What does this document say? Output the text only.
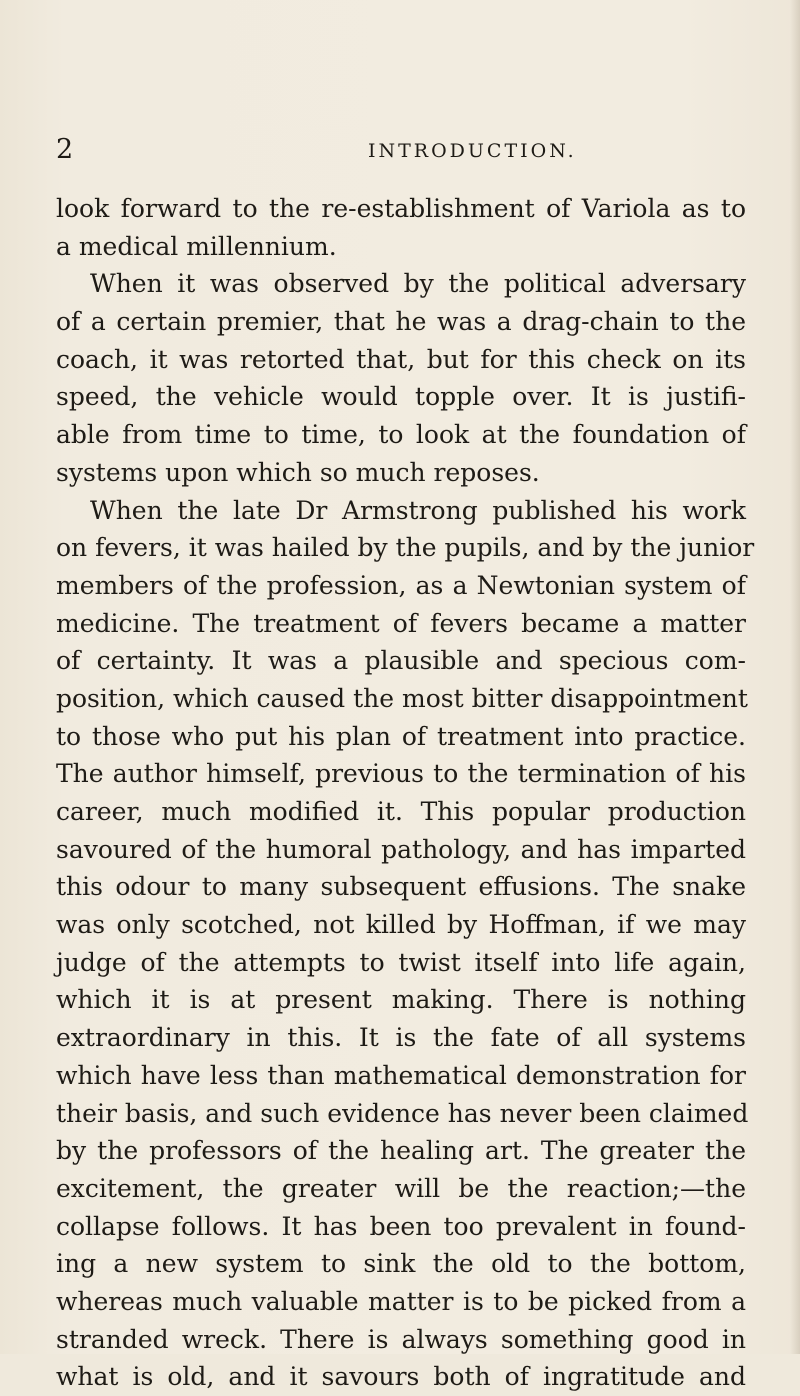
2	INTRODUCTION.
look forward to the re-establishment of Variola as to
a medical millennium.
When it was observed by the political adversary
of a certain premier, that he was a drag-chain to the
coach, it was retorted that, but for this check on its
speed, the vehicle would topple over. It is justifi-
able from time to time, to look at the foundation of
systems upon which so much reposes.
When the late Dr Armstrong published his work
on fevers, it was hailed by the pupils, and by the junior
members of the profession, as a Newtonian system of
medicine. The treatment of fevers became a matter
of certainty. It was a plausible and specious com-
position, which caused the most bitter disappointment
to those who put his plan of treatment into practice.
The author himself, previous to the termination of his
career, much modified it. This popular production
savoured of the humoral pathology, and has imparted
this odour to many subsequent effusions. The snake
was only scotched, not killed by Hoffman, if we may
judge of the attempts to twist itself into life again,
which it is at present making. There is nothing
extraordinary in this. It is the fate of all systems
which have less than mathematical demonstration for
their basis, and such evidence has never been claimed
by the professors of the healing art. The greater the
excitement, the greater will be the reaction;—the
collapse follows. It has been too prevalent in found-
ing a new system to sink the old to the bottom,
whereas much valuable matter is to be picked from a
stranded wreck. There is always something good in
what is old, and it savours both of ingratitude and
